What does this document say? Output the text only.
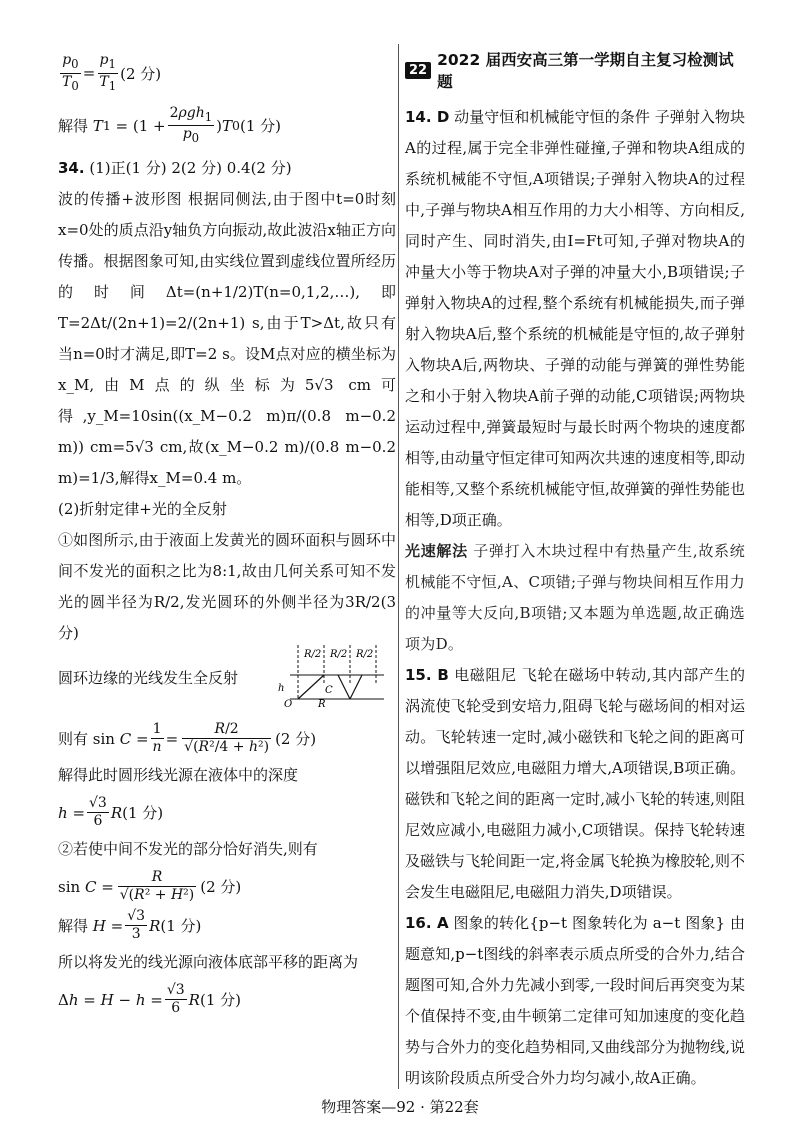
$\frac{p_0}{T_0} = \frac{p_1}{T_1} (2$ 分)
解得
T $1 = (1 + \frac{2\rho gh_1}{p_0}$ ) T 0 (1 分)

34. (1)正(1 分) 2(2 分) 0.4(2 分)

波的传播+波形图 根据同侧法,由于图中t=0时刻x=0处的质点沿y轴负方向振动,故此波沿x轴正方向传播。根据图象可知,由实线位置到虚线位置所经历的时间Δt=(n+1/2)T(n=0,1,2,…),即T=2Δt/(2n+1)=2/(2n+1) s,由于T>Δt,故只有当n=0时才满足,即T=2 s。设M点对应的横坐标为x_M,由M点的纵坐标为5√3 cm可得,y_M=10sin((x_M−0.2 m)π/(0.8 m−0.2 m)) cm=5√3 cm,故(x_M−0.2 m)/(0.8 m−0.2 m)=1/3,解得x_M=0.4 m。

(2)折射定律+光的全反射

①如图所示,由于液面上发黄光的圆环面积与圆环中间不发光的面积之比为8:1,故由几何关系可知不发光的圆半径为R/2,发光圆环的外侧半径为3R/2(3 分)

圆环边缘的光线发生全反射

R/2 R/2 R/2
C
h
O	R
则有 $\sin C = \frac{1}{n} = \frac{R/2}{\text{√(R²/4 + h²)}} (2$ 分)

解得此时圆形线光源在液体中的深度

$h = \frac{√3}{6}$ R (1 分)

②若使中间不发光的部分恰好消失,则有

$\sin C = \frac{R}{\text{√(R² + H²)}} (2$ 分)
解得
$H = \frac{√3}{3}$ R (1 分)

所以将发光的线光源向液体底部平移的距离为

Δ $h = H - h = \frac{√3}{6}$ R (1 分)
22
2022 届西安高三第一学期自主复习检测试题

14. D 动量守恒和机械能守恒的条件 子弹射入物块A的过程,属于完全非弹性碰撞,子弹和物块A组成的系统机械能不守恒,A项错误;子弹射入物块A的过程中,子弹与物块A相互作用的力大小相等、方向相反,同时产生、同时消失,由I=Ft可知,子弹对物块A的冲量大小等于物块A对子弹的冲量大小,B项错误;子弹射入物块A的过程,整个系统有机械能损失,而子弹射入物块A后,整个系统的机械能是守恒的,故子弹射入物块A后,两物块、子弹的动能与弹簧的弹性势能之和小于射入物块A前子弹的动能,C项错误;两物块运动过程中,弹簧最短时与最长时两个物块的速度都相等,由动量守恒定律可知两次共速的速度相等,即动能相等,又整个系统机械能守恒,故弹簧的弹性势能也相等,D项正确。

光速解法 子弹打入木块过程中有热量产生,故系统机械能不守恒,A、C项错;子弹与物块间相互作用力的冲量等大反向,B项错;又本题为单选题,故正确选项为D。

15. B 电磁阻尼 飞轮在磁场中转动,其内部产生的涡流使飞轮受到安培力,阻碍飞轮与磁场间的相对运动。飞轮转速一定时,减小磁铁和飞轮之间的距离可以增强阻尼效应,电磁阻力增大,A项错误,B项正确。磁铁和飞轮之间的距离一定时,减小飞轮的转速,则阻尼效应减小,电磁阻力减小,C项错误。保持飞轮转速及磁铁与飞轮间距一定,将金属飞轮换为橡胶轮,则不会发生电磁阻尼,电磁阻力消失,D项错误。

16. A 图象的转化{p−t 图象转化为 a−t 图象} 由题意知,p−t图线的斜率表示质点所受的合外力,结合题图可知,合外力先减小到零,一段时间后再突变为某个值保持不变,由牛顿第二定律可知加速度的变化趋势与合外力的变化趋势相同,又曲线部分为抛物线,说明该阶段质点所受合外力均匀减小,故A正确。

物理答案—92 · 第22套
